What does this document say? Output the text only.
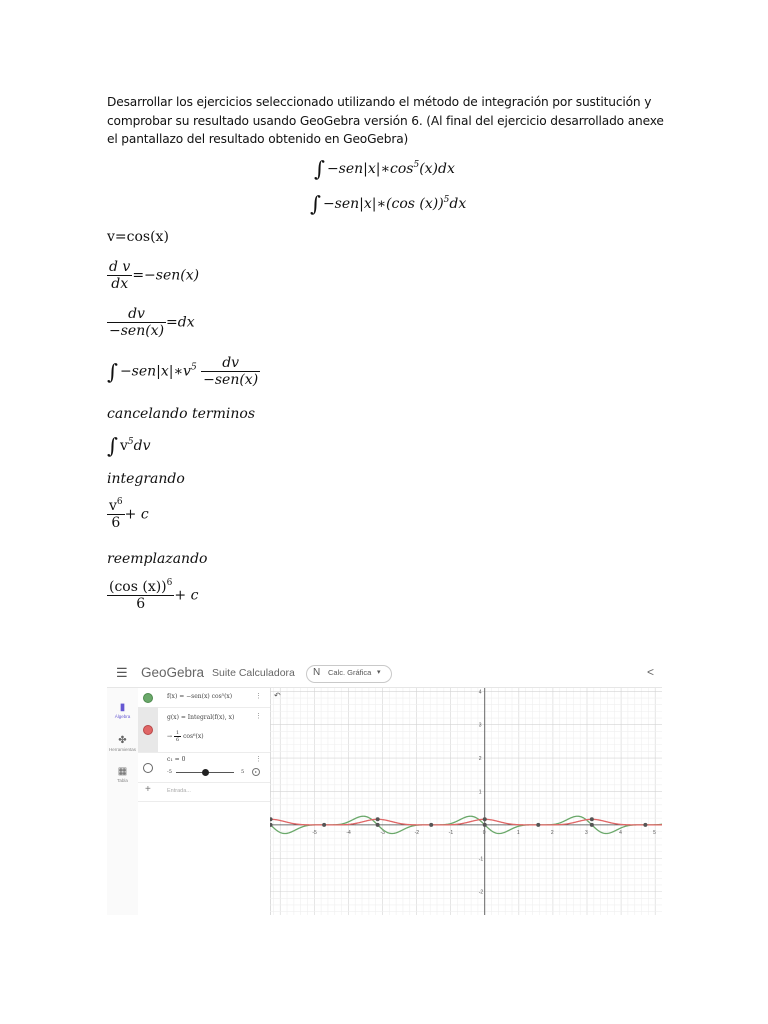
Desarrollar los ejercicios seleccionado utilizando el método de integración por sustitución y comprobar su resultado usando GeoGebra versión 6. (Al final del ejercicio desarrollado anexe el pantallazo del resultado obtenido en GeoGebra)
∫ $-sen|x|∗\cos^5(x)dx$
∫ −sen|x|∗(cos (x))$^5$dx
v=cos(x)
$\frac{\text{d v}}{dx} =-sen(x)$
$\frac{dv}{\text{−sen(x)}} =dx$
∫ $-sen|x|∗v^5 \frac{dv}{\text{−sen(x)}}$
cancelando terminos
∫ $v^5dv$
integrando
$\frac{v^6}{6} + c$
reemplazando
$\frac{(\cos (x))^6}{6} + c$
☰ GeoGebra Suite Calculadora N Calc. Gráfica ▾	<
▮
Álgebra
✤
Herramientas
▦
Tabla
f(x) = −sen(x) cos⁵(x)	⋮
g(x) = Integral(f(x), x)
→ $\frac{1}{6} \cos^6(x)$
⋮
c₁ = 0
-5	5	▸
⋮
+	Entrada...
-5	-4	-3	-2	-1	0	1	2	3	4	5
-2
-1
1
2
3
4
↶
